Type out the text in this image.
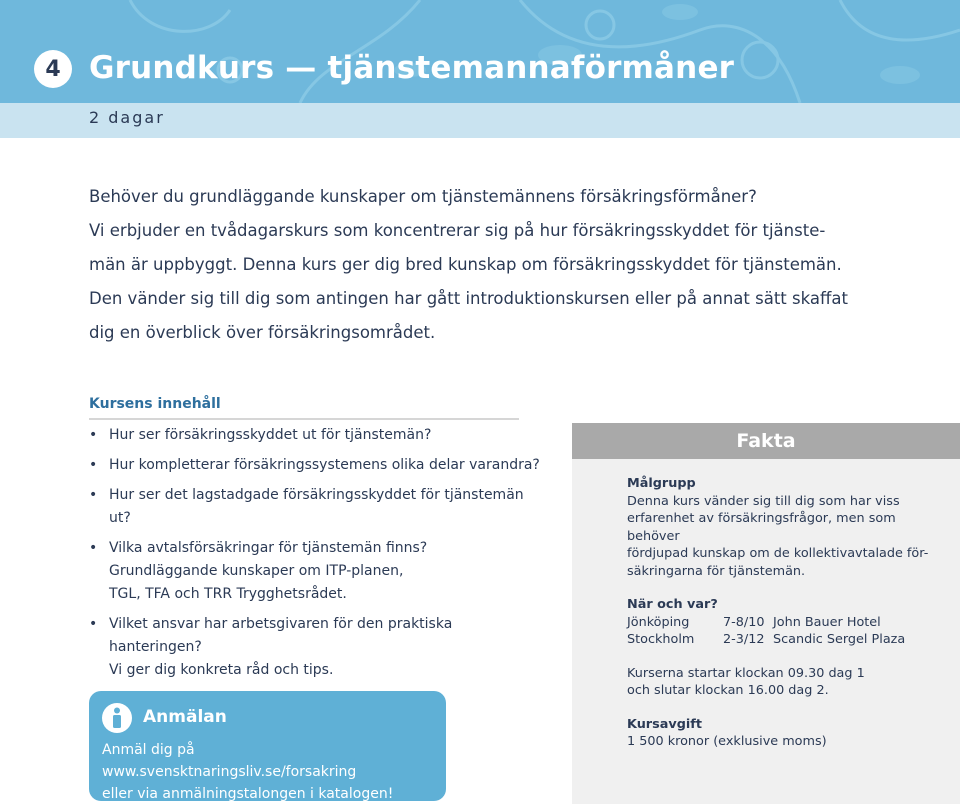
4 Grundkurs — tjänstemannaförmåner
2 dagar

Behöver du grundläggande kunskaper om tjänstemännens försäkringsförmåner?

Vi erbjuder en tvådagarskurs som koncentrerar sig på hur försäkringsskyddet för tjänste-

män är uppbyggt. Denna kurs ger dig bred kunskap om försäkringsskyddet för tjänstemän.

Den vänder sig till dig som antingen har gått introduktionskursen eller på annat sätt skaffat

dig en överblick över försäkringsområdet.

Kursens innehåll
• Hur ser försäkringsskyddet ut för tjänstemän?
• Hur kompletterar försäkringssystemens olika delar varandra?
• Hur ser det lagstadgade försäkringsskyddet för tjänstemän ut?
• Vilka avtalsförsäkringar för tjänstemän finns?
Grundläggande kunskaper om ITP-planen,
TGL, TFA och TRR Trygghetsrådet.
• Vilket ansvar har arbetsgivaren för den praktiska hanteringen?
Vi ger dig konkreta råd och tips.
Fakta
Målgrupp

Denna kurs vänder sig till dig som har viss

erfarenhet av försäkringsfrågor, men som behöver

fördjupad kunskap om de kollektivavtalade för-

säkringarna för tjänstemän.

När och var?
Jönköping	7-8/10	John Bauer Hotel
Stockholm	2-3/12	Scandic Sergel Plaza
Kurserna startar klockan 09.30 dag 1
och slutar klockan 16.00 dag 2.
Kursavgift
1 500 kronor (exklusive moms)
Anmälan

Anmäl dig på www.svensktnaringsliv.se/forsakring

eller via anmälningstalongen i katalogen!
